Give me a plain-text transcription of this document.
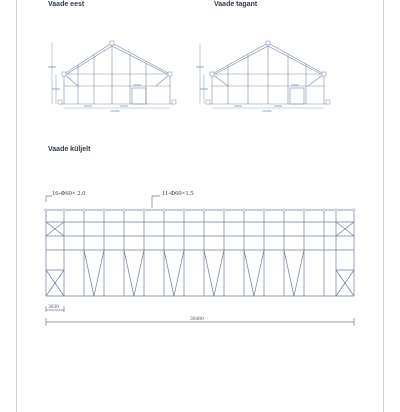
Vaade eest	Vaade tagant
Vaade küljelt
10000
4000	2000
2500
5000
3000
10000
4000	2000
2500
5000
3000
16-Φ60× 2.0	11-Φ60×1.5
3030
30480
